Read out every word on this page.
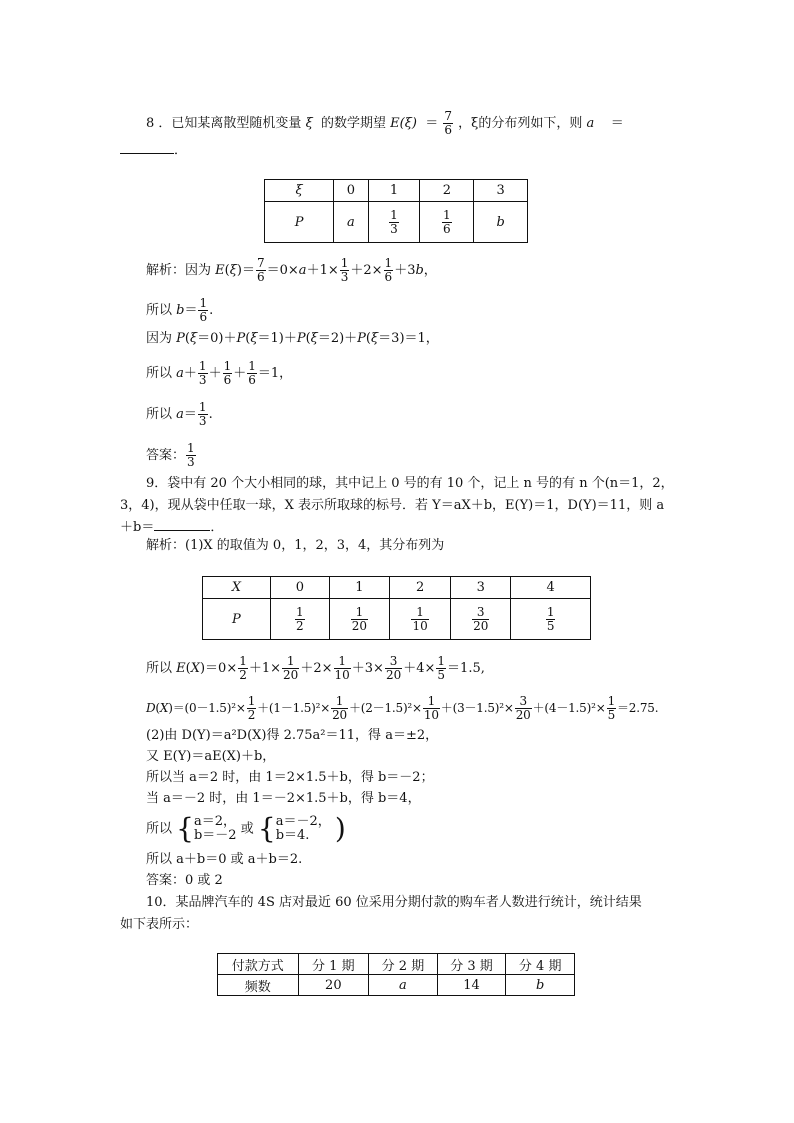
8 ．已知某离散型随机变量 ξ 的数学期望 $E(\xi) = \frac{7}{6}$ ，ξ的分布列如下，则 a ＝
．
ξ	0	1	2	3
P	a	$\frac{1}{3}$	$\frac{1}{6}$	b
解析：因为 $E(\xi)= \frac{7}{6} =0\times a+1\times \frac{1}{3} +2\times \frac{1}{6} +3b$，
所以 $b= \frac{1}{6}$ .
因为 P(ξ＝0)＋P(ξ＝1)＋P(ξ＝2)＋P(ξ＝3)＝1，
所以 $a+ \frac{1}{3} + \frac{1}{6} + \frac{1}{6} =1$，
所以 $a= \frac{1}{3}$ .
答案： $\frac{1}{3}$
9．袋中有 20 个大小相同的球，其中记上 0 号的有 10 个，记上 n 号的有 n 个(n＝1，2，
3，4)，现从袋中任取一球，X 表示所取球的标号．若 Y＝aX＋b，E(Y)＝1，D(Y)＝11，则 a
＋b＝	．
解析：(1)X 的取值为 0，1，2，3，4，其分布列为
X	0	1	2	3	4
P	$\frac{1}{2}$	$\frac{1}{20}$	$\frac{1}{10}$	$\frac{3}{20}$	$\frac{1}{5}$
所以 $E(X)=0\times \frac{1}{2} +1\times \frac{1}{20} +2\times \frac{1}{10} +3\times \frac{3}{20} +4\times \frac{1}{5} =1.5$,
$D(X)=(0-1.5)^2\times \frac{1}{2} +(1-1.5)^2\times \frac{1}{20} +(2-1.5)^2\times \frac{1}{10} +(3-1.5)^2\times \frac{3}{20} +(4-1.5)^2\times \frac{1}{5} =2.75$.
(2)由 D(Y)＝a²D(X)得 2.75a²＝11，得 a＝±2，
又 E(Y)＝aE(X)＋b，
所以当 a＝2 时，由 1＝2×1.5＋b，得 b＝－2；
当 a＝－2 时，由 1＝－2×1.5＋b，得 b＝4，
所以 { a＝2，
b＝－2 或 { a＝－2，
b＝4. )
所以 a＋b＝0 或 a＋b＝2.
答案：0 或 2
10．某品牌汽车的 4S 店对最近 60 位采用分期付款的购车者人数进行统计，统计结果
如下表所示：
付款方式	分 1 期	分 2 期	分 3 期	分 4 期
频数	20	a	14	b
